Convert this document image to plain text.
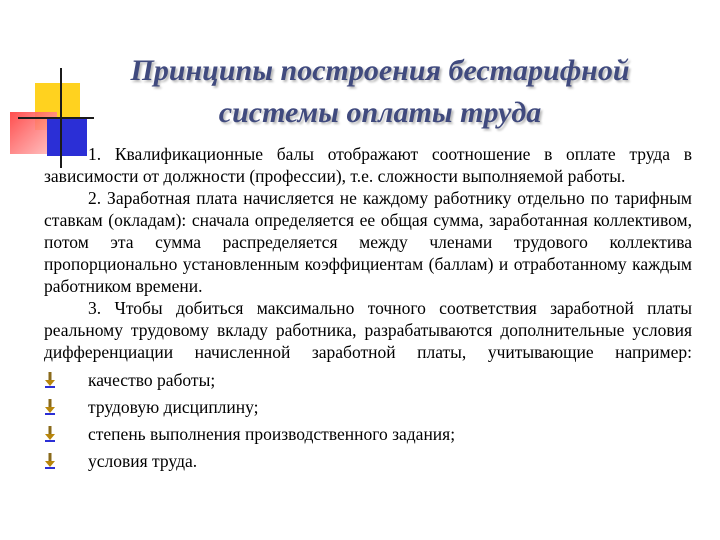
Принципы построения бестарифной
системы оплаты труда

1. Квалификационные балы отображают соотношение в оплате труда в зависимости от должности (профессии), т.е. сложности выполняемой работы.

2. Заработная плата начисляется не каждому работнику отдельно по тарифным ставкам (окладам): сначала определяется ее общая сумма, заработанная коллективом, потом эта сумма распределяется между членами трудового коллектива пропорционально установленным коэффициентам (баллам) и отработанному каждым работником времени.

3. Чтобы добиться максимально точного соответствия заработной платы реальному трудовому вкладу работника, разрабатываются дополнительные условия дифференциации начисленной заработной платы, учитывающие например:

качество работы;
трудовую дисциплину;
степень выполнения производственного задания;
условия труда.
